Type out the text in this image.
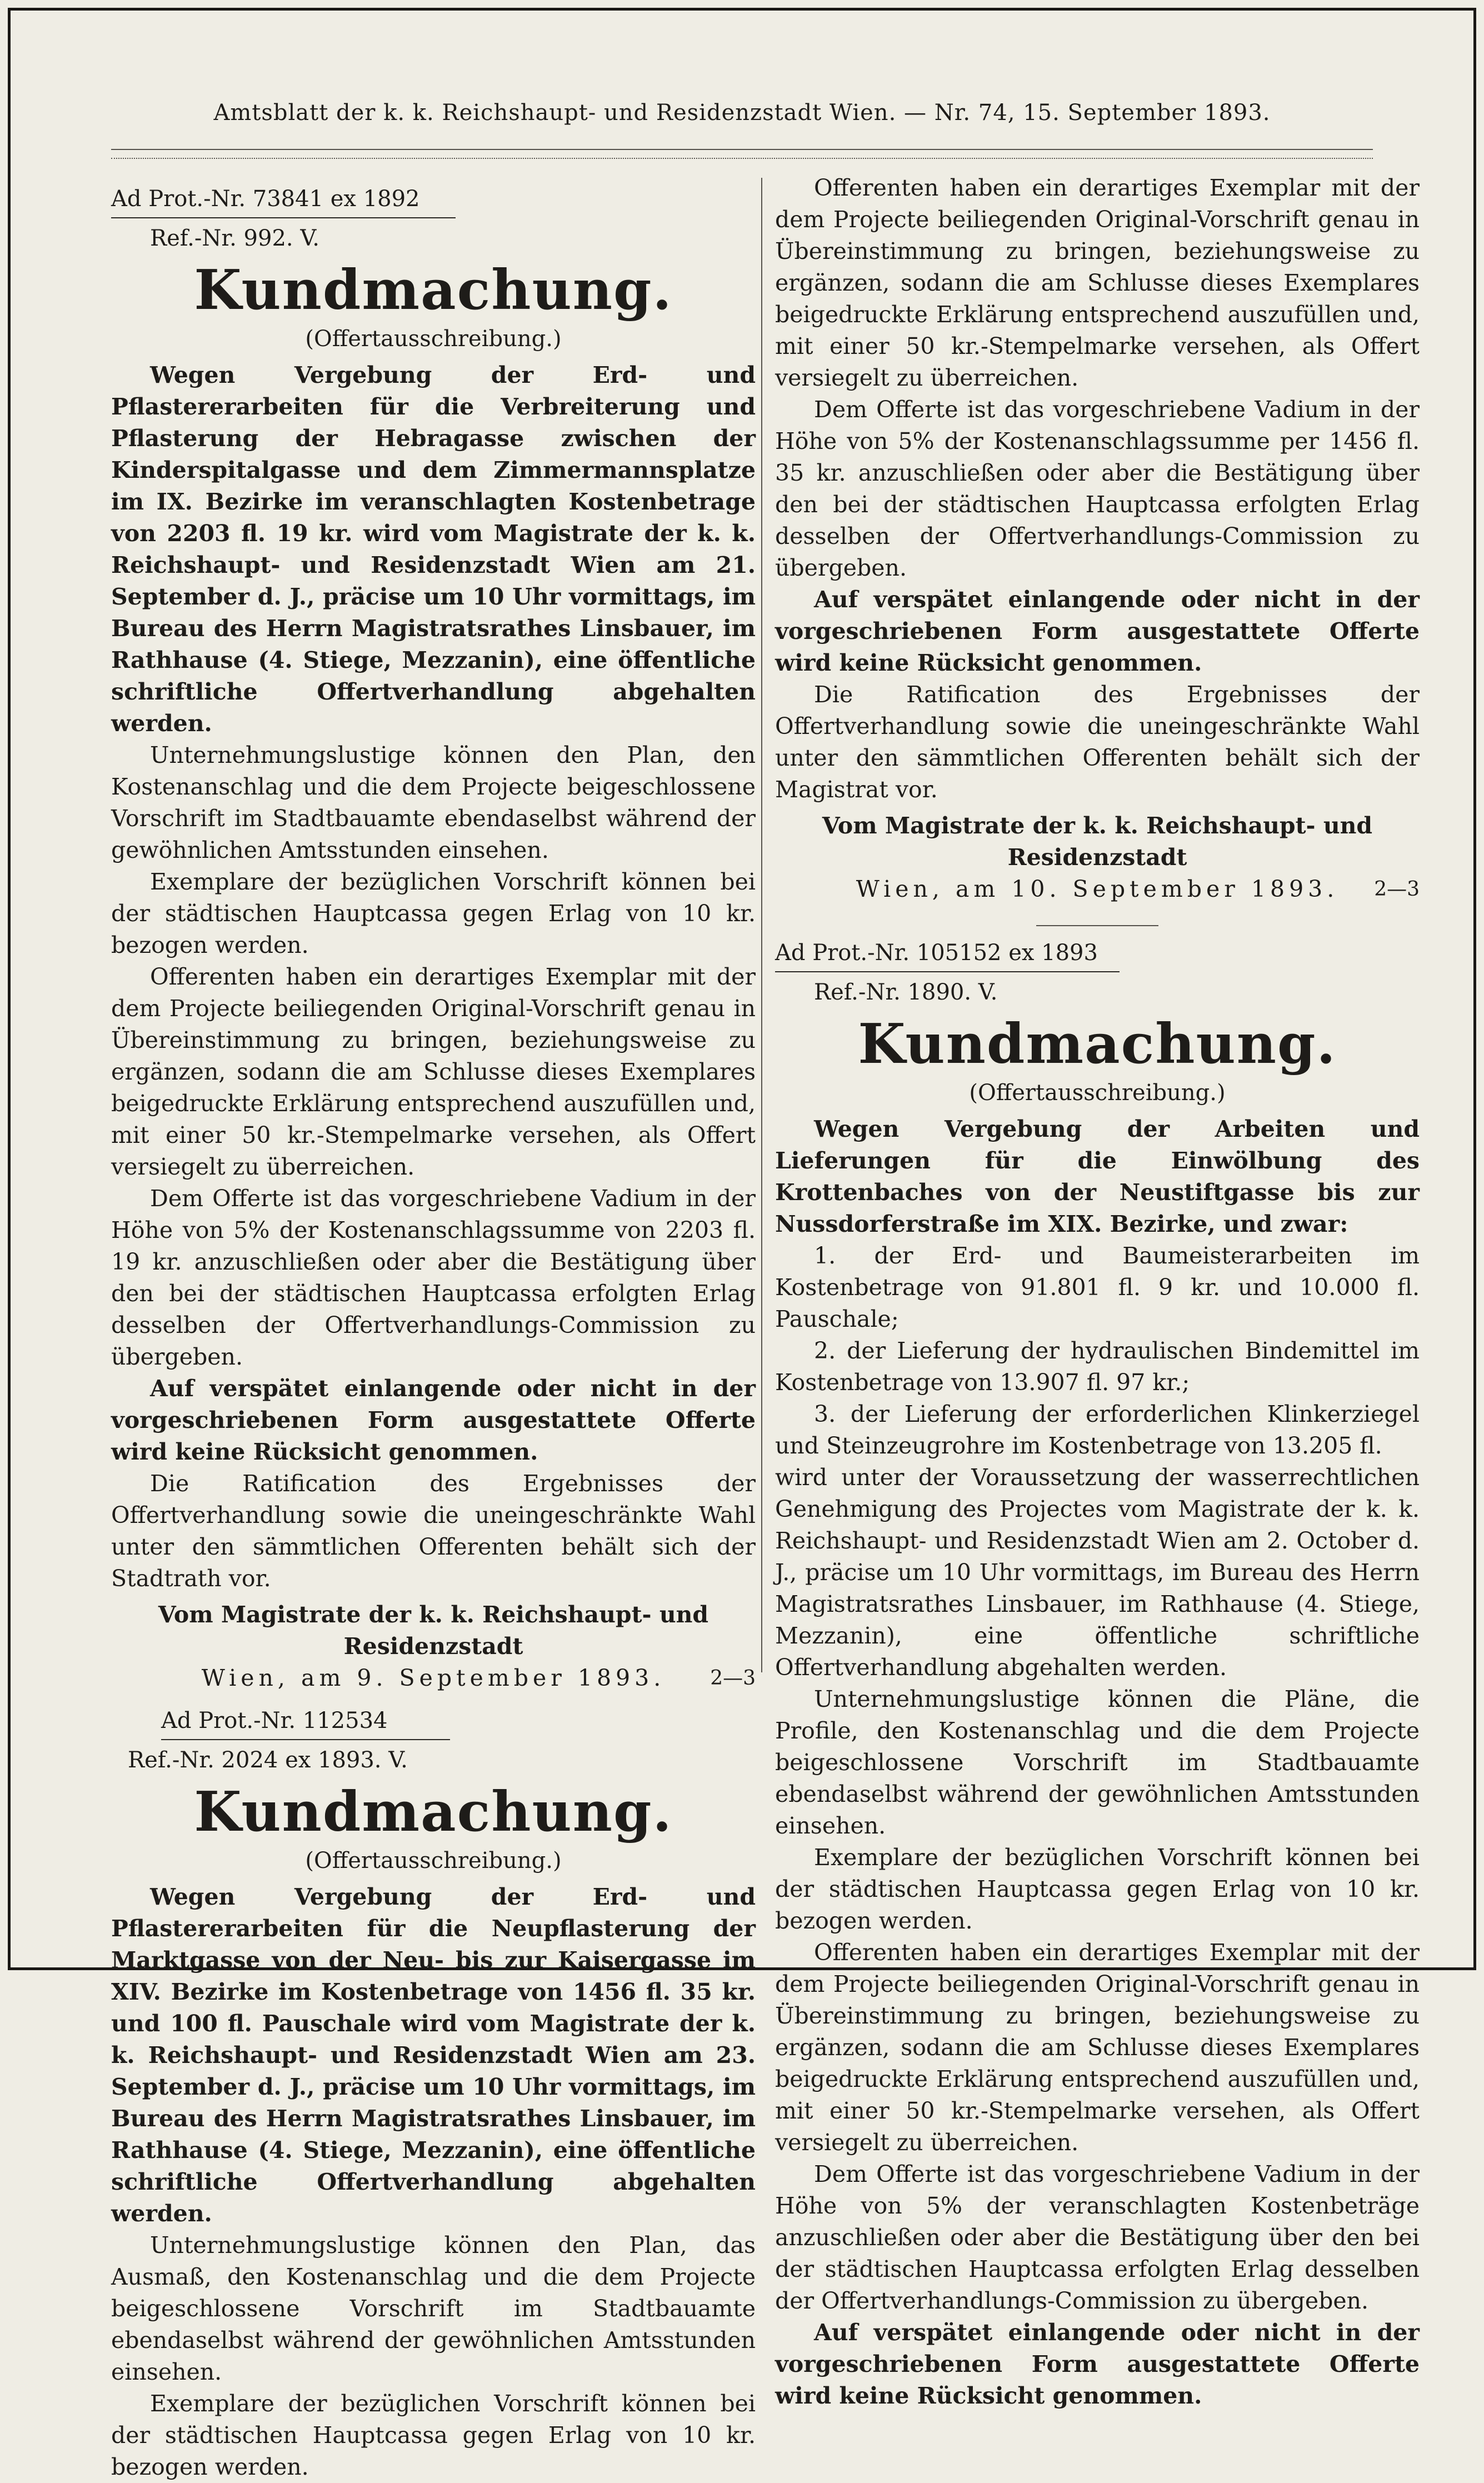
Amtsblatt der k. k. Reichshaupt- und Residenzstadt Wien. — Nr. 74, 15. September 1893.
Ad Prot.-Nr. 73841 ex 1892
Ref.-Nr. 992. V.
Kundmachung.
(Offertausschreibung.)

Wegen Vergebung der Erd- und Pflastererarbeiten für die Verbreiterung und Pflasterung der Hebragasse zwischen der Kinderspitalgasse und dem Zimmermannsplatze im IX. Bezirke im veranschlagten Kostenbetrage von 2203 fl. 19 kr. wird vom Magistrate der k. k. Reichshaupt- und Residenzstadt Wien am 21. September d. J., präcise um 10 Uhr vormittags, im Bureau des Herrn Magistratsrathes Linsbauer, im Rathhause (4. Stiege, Mezzanin), eine öffentliche schriftliche Offertverhandlung abgehalten werden.

Unternehmungslustige können den Plan, den Kostenanschlag und die dem Projecte beigeschlossene Vorschrift im Stadtbauamte ebendaselbst während der gewöhnlichen Amtsstunden einsehen.

Exemplare der bezüglichen Vorschrift können bei der städtischen Hauptcassa gegen Erlag von 10 kr. bezogen werden.

Offerenten haben ein derartiges Exemplar mit der dem Projecte beiliegenden Original-Vorschrift genau in Übereinstimmung zu bringen, beziehungsweise zu ergänzen, sodann die am Schlusse dieses Exemplares beigedruckte Erklärung entsprechend auszufüllen und, mit einer 50 kr.-Stempelmarke versehen, als Offert versiegelt zu überreichen.

Dem Offerte ist das vorgeschriebene Vadium in der Höhe von 5% der Kostenanschlagssumme von 2203 fl. 19 kr. anzuschließen oder aber die Bestätigung über den bei der städtischen Hauptcassa erfolgten Erlag desselben der Offertverhandlungs-Commission zu übergeben.

Auf verspätet einlangende oder nicht in der vorgeschriebenen Form ausgestattete Offerte wird keine Rücksicht genommen.

Die Ratification des Ergebnisses der Offertverhandlung sowie die uneingeschränkte Wahl unter den sämmtlichen Offerenten behält sich der Stadtrath vor.

Vom Magistrate der k. k. Reichshaupt- und Residenzstadt
Wien, am 9. September 1893. 2—3
Ad Prot.-Nr. 112534
Ref.-Nr. 2024 ex 1893. V.
Kundmachung.
(Offertausschreibung.)

Wegen Vergebung der Erd- und Pflastererarbeiten für die Neupflasterung der Marktgasse von der Neu- bis zur Kaisergasse im XIV. Bezirke im Kostenbetrage von 1456 fl. 35 kr. und 100 fl. Pauschale wird vom Magistrate der k. k. Reichshaupt- und Residenzstadt Wien am 23. September d. J., präcise um 10 Uhr vormittags, im Bureau des Herrn Magistratsrathes Linsbauer, im Rathhause (4. Stiege, Mezzanin), eine öffentliche schriftliche Offertverhandlung abgehalten werden.

Unternehmungslustige können den Plan, das Ausmaß, den Kostenanschlag und die dem Projecte beigeschlossene Vorschrift im Stadtbauamte ebendaselbst während der gewöhnlichen Amtsstunden einsehen.

Exemplare der bezüglichen Vorschrift können bei der städtischen Hauptcassa gegen Erlag von 10 kr. bezogen werden.

Offerenten haben ein derartiges Exemplar mit der dem Projecte beiliegenden Original-Vorschrift genau in Übereinstimmung zu bringen, beziehungsweise zu ergänzen, sodann die am Schlusse dieses Exemplares beigedruckte Erklärung entsprechend auszufüllen und, mit einer 50 kr.-Stempelmarke versehen, als Offert versiegelt zu überreichen.

Dem Offerte ist das vorgeschriebene Vadium in der Höhe von 5% der Kostenanschlagssumme per 1456 fl. 35 kr. anzuschließen oder aber die Bestätigung über den bei der städtischen Hauptcassa erfolgten Erlag desselben der Offertverhandlungs-Commission zu übergeben.

Auf verspätet einlangende oder nicht in der vorgeschriebenen Form ausgestattete Offerte wird keine Rücksicht genommen.

Die Ratification des Ergebnisses der Offertverhandlung sowie die uneingeschränkte Wahl unter den sämmtlichen Offerenten behält sich der Magistrat vor.

Vom Magistrate der k. k. Reichshaupt- und Residenzstadt
Wien, am 10. September 1893. 2—3
Ad Prot.-Nr. 105152 ex 1893
Ref.-Nr. 1890. V.
Kundmachung.
(Offertausschreibung.)

Wegen Vergebung der Arbeiten und Lieferungen für die Einwölbung des Krottenbaches von der Neustiftgasse bis zur Nussdorferstraße im XIX. Bezirke, und zwar:

1. der Erd- und Baumeisterarbeiten im Kostenbetrage von 91.801 fl. 9 kr. und 10.000 fl. Pauschale;

2. der Lieferung der hydraulischen Bindemittel im Kostenbetrage von 13.907 fl. 97 kr.;

3. der Lieferung der erforderlichen Klinkerziegel und Steinzeugrohre im Kostenbetrage von 13.205 fl.

wird unter der Voraussetzung der wasserrechtlichen Genehmigung des Projectes vom Magistrate der k. k. Reichshaupt- und Residenzstadt Wien am 2. October d. J., präcise um 10 Uhr vormittags, im Bureau des Herrn Magistratsrathes Linsbauer, im Rathhause (4. Stiege, Mezzanin), eine öffentliche schriftliche Offertverhandlung abgehalten werden.

Unternehmungslustige können die Pläne, die Profile, den Kostenanschlag und die dem Projecte beigeschlossene Vorschrift im Stadtbauamte ebendaselbst während der gewöhnlichen Amtsstunden einsehen.

Exemplare der bezüglichen Vorschrift können bei der städtischen Hauptcassa gegen Erlag von 10 kr. bezogen werden.

Offerenten haben ein derartiges Exemplar mit der dem Projecte beiliegenden Original-Vorschrift genau in Übereinstimmung zu bringen, beziehungsweise zu ergänzen, sodann die am Schlusse dieses Exemplares beigedruckte Erklärung entsprechend auszufüllen und, mit einer 50 kr.-Stempelmarke versehen, als Offert versiegelt zu überreichen.

Dem Offerte ist das vorgeschriebene Vadium in der Höhe von 5% der veranschlagten Kostenbeträge anzuschließen oder aber die Bestätigung über den bei der städtischen Hauptcassa erfolgten Erlag desselben der Offertverhandlungs-Commission zu übergeben.

Auf verspätet einlangende oder nicht in der vorgeschriebenen Form ausgestattete Offerte wird keine Rücksicht genommen.
